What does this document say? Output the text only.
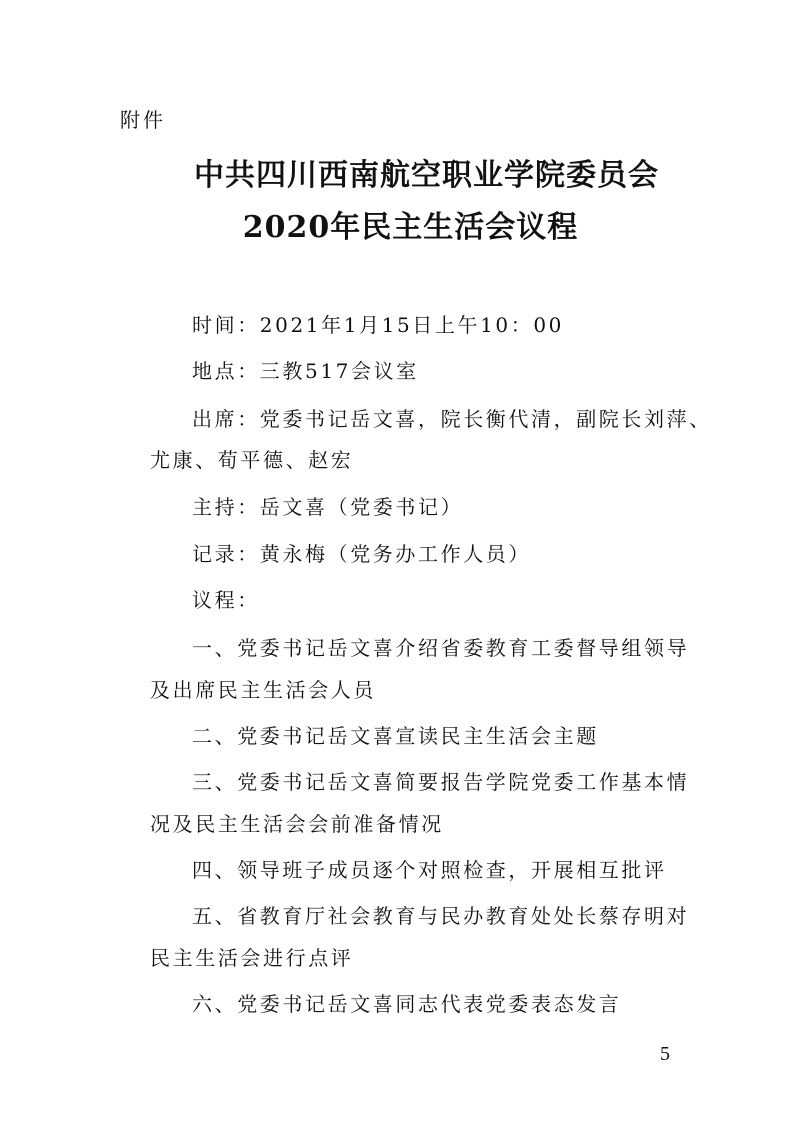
附件
中共四川西南航空职业学院委员会
2020年民主生活会议程
时间：2021年1月15日上午10：00
地点：三教517会议室
出席：党委书记岳文喜，院长衡代清，副院长刘萍、
尤康、荀平德、赵宏
主持：岳文喜（党委书记）
记录：黄永梅（党务办工作人员）
议程：
一、党委书记岳文喜介绍省委教育工委督导组领导
及出席民主生活会人员
二、党委书记岳文喜宣读民主生活会主题
三、党委书记岳文喜简要报告学院党委工作基本情
况及民主生活会会前准备情况
四、领导班子成员逐个对照检查，开展相互批评
五、省教育厅社会教育与民办教育处处长蔡存明对
民主生活会进行点评
六、党委书记岳文喜同志代表党委表态发言
5
